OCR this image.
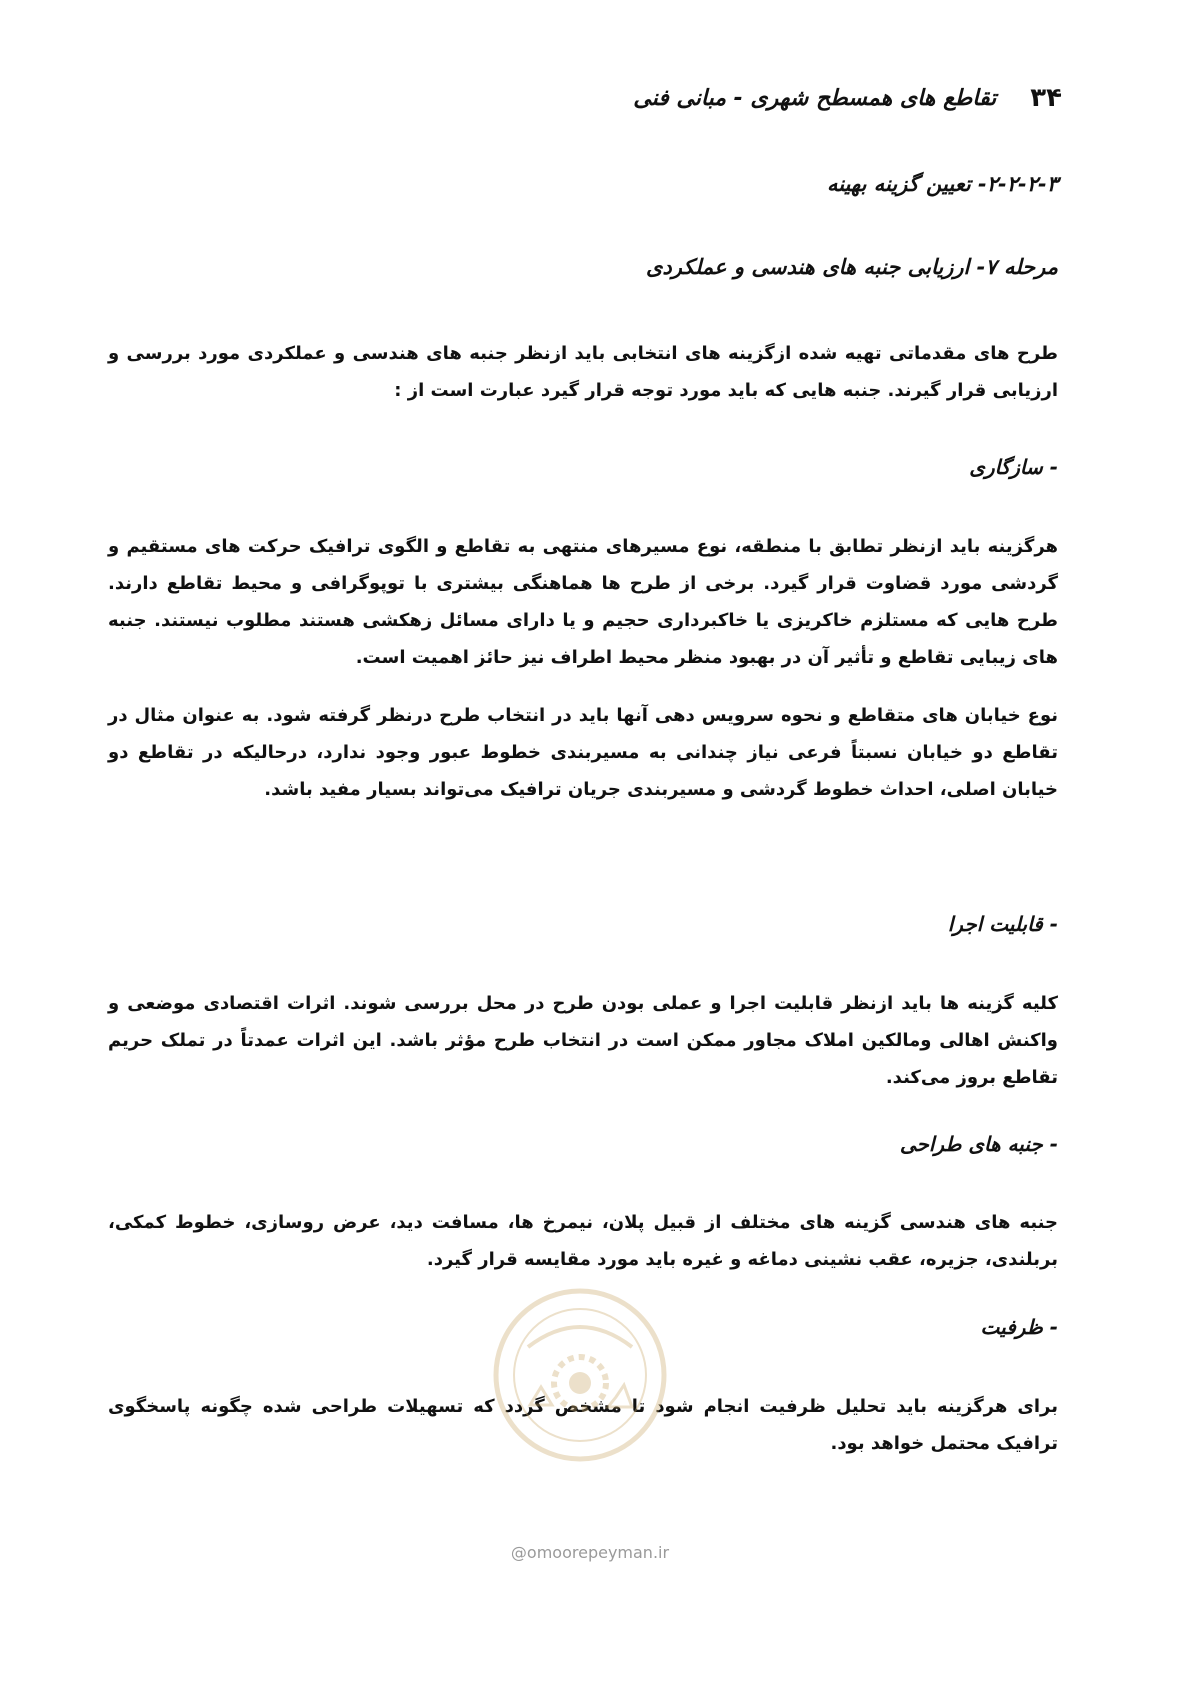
۳۴
تقاطع های همسطح شهری - مبانی فنی
۲-۲-۲-۳- تعیین گزینه بهینه
مرحله ۷- ارزیابی جنبه های هندسی و عملکردی

طرح های مقدماتی تهیه شده ازگزینه های انتخابی باید ازنظر جنبه های هندسی و عملکردی مورد بررسی و ارزیابی قرار گیرند. جنبه هایی که باید مورد توجه قرار گیرد عبارت است از :

- سازگاری

هرگزینه باید ازنظر تطابق با منطقه، نوع مسیرهای منتهی به تقاطع و الگوی ترافیک حرکت های مستقیم و گردشی مورد قضاوت قرار گیرد. برخی از طرح ها هماهنگی بیشتری با توپوگرافی و محیط تقاطع دارند. طرح هایی که مستلزم خاکریزی یا خاکبرداری حجیم و یا دارای مسائل زهکشی هستند مطلوب نیستند. جنبه های زیبایی تقاطع و تأثیر آن در بهبود منظر محیط اطراف نیز حائز اهمیت است.

نوع خیابان های متقاطع و نحوه سرویس دهی آنها باید در انتخاب طرح درنظر گرفته شود. به عنوان مثال در تقاطع دو خیابان نسبتاً فرعی نیاز چندانی به مسیربندی خطوط عبور وجود ندارد، درحالیکه در تقاطع دو خیابان اصلی، احداث خطوط گردشی و مسیربندی جریان ترافیک می‌تواند بسیار مفید باشد.

- قابلیت اجرا

کلیه گزینه ها باید ازنظر قابلیت اجرا و عملی بودن طرح در محل بررسی شوند. اثرات اقتصادی موضعی و واکنش اهالی ومالکین املاک مجاور ممکن است در انتخاب طرح مؤثر باشد. این اثرات عمدتاً در تملک حریم تقاطع بروز می‌کند.

- جنبه های طراحی

جنبه های هندسی گزینه های مختلف از قبیل پلان، نیمرخ ها، مسافت دید، عرض روسازی، خطوط کمکی، بربلندی، جزیره، عقب نشینی دماغه و غیره باید مورد مقایسه قرار گیرد.

- ظرفیت

برای هرگزینه باید تحلیل ظرفیت انجام شود تا مشخص گردد که تسهیلات طراحی شده چگونه پاسخگوی ترافیک محتمل خواهد بود.

@omoorepeyman.ir
